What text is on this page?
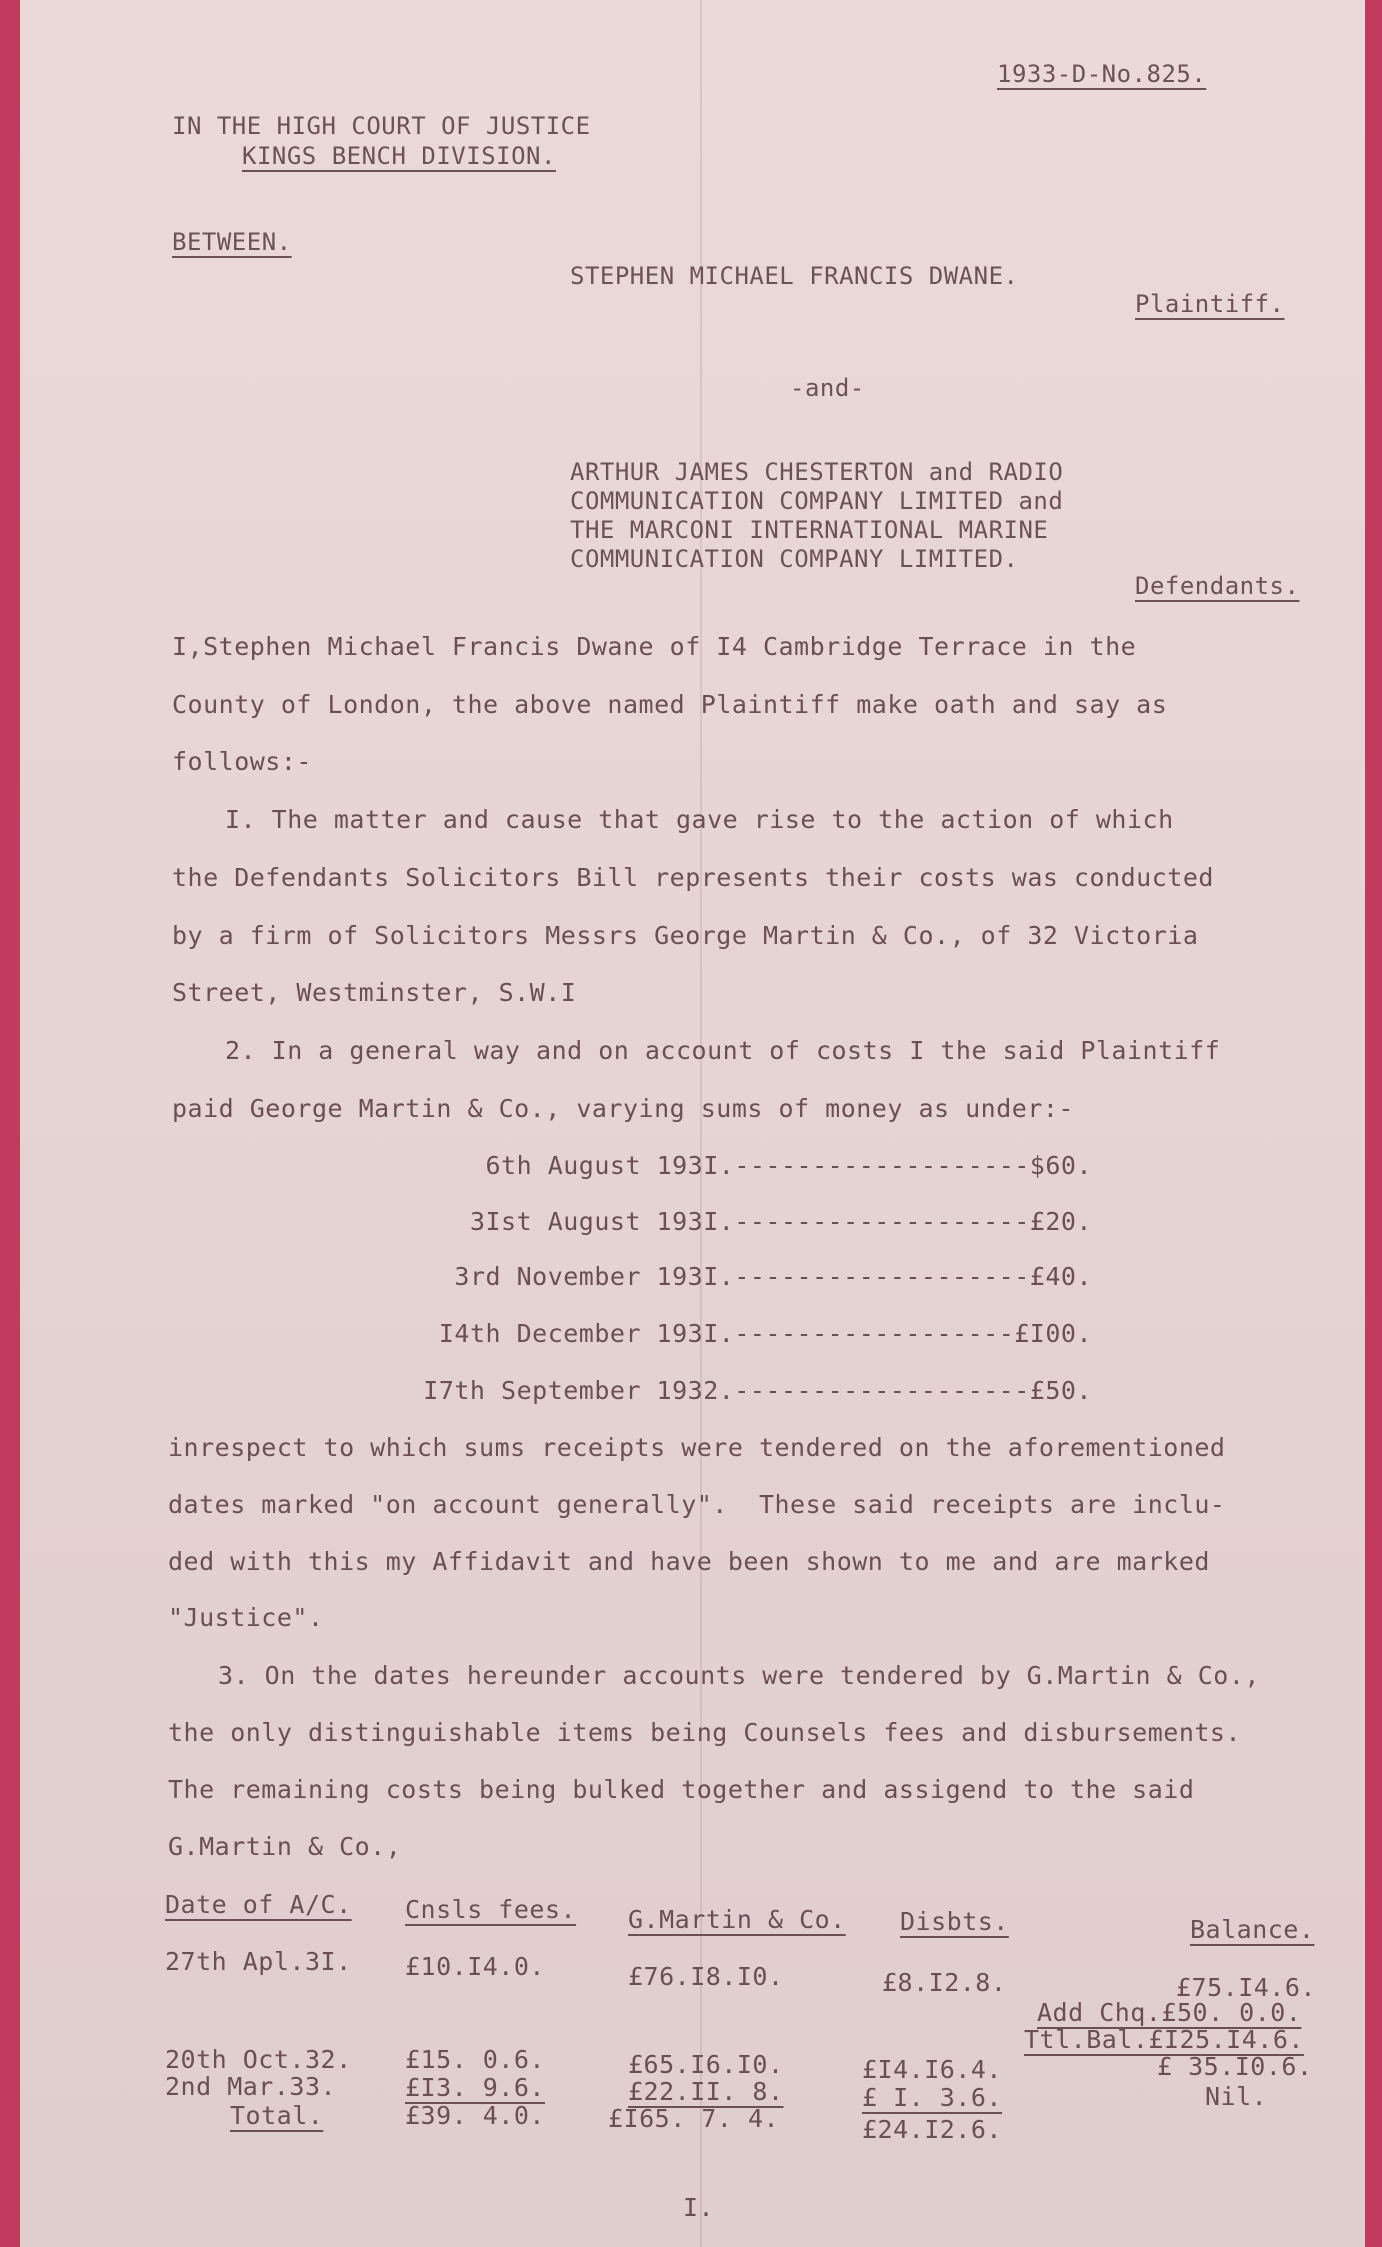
1933-D-No.825.
IN THE HIGH COURT OF JUSTICE
KINGS BENCH DIVISION.
BETWEEN.
STEPHEN MICHAEL FRANCIS DWANE.
Plaintiff.
-and-
ARTHUR JAMES CHESTERTON and RADIO
COMMUNICATION COMPANY LIMITED and
THE MARCONI INTERNATIONAL MARINE
COMMUNICATION COMPANY LIMITED.
Defendants.
I,Stephen Michael Francis Dwane of I4 Cambridge Terrace in the
County of London, the above named Plaintiff make oath and say as
follows:-
I. The matter and cause that gave rise to the action of which
the Defendants Solicitors Bill represents their costs was conducted
by a firm of Solicitors Messrs George Martin & Co., of 32 Victoria
Street, Westminster, S.W.I
2. In a general way and on account of costs I the said Plaintiff
paid George Martin & Co., varying sums of money as under:-
6th August 193I.-------------------$60.
3Ist August 193I.-------------------£20.
3rd November 193I.-------------------£40.
I4th December 193I.------------------£I00.
I7th September 1932.-------------------£50.
inrespect to which sums receipts were tendered on the aforementioned
dates marked "on account generally".  These said receipts are inclu-
ded with this my Affidavit and have been shown to me and are marked
"Justice".
3. On the dates hereunder accounts were tendered by G.Martin & Co.,
the only distinguishable items being Counsels fees and disbursements.
The remaining costs being bulked together and assigend to the said
G.Martin & Co.,
Date of A/C. Cnsls fees. G.Martin & Co. Disbts.	Balance.
27th Apl.3I. £10.I4.0.	£76.I8.I0.	£8.I2.8.	£75.I4.6.
Add Chq.£50. 0.0.
Ttl.Bal.£I25.I4.6.
20th Oct.32. £15. 0.6.	£65.I6.I0.	£I4.I6.4.	£ 35.I0.6.
2nd Mar.33.	£I3. 9.6.	£22.II. 8.	£ I. 3.6.	Nil.
Total.	£39. 4.0.	£I65. 7. 4.	£24.I2.6.
I.
